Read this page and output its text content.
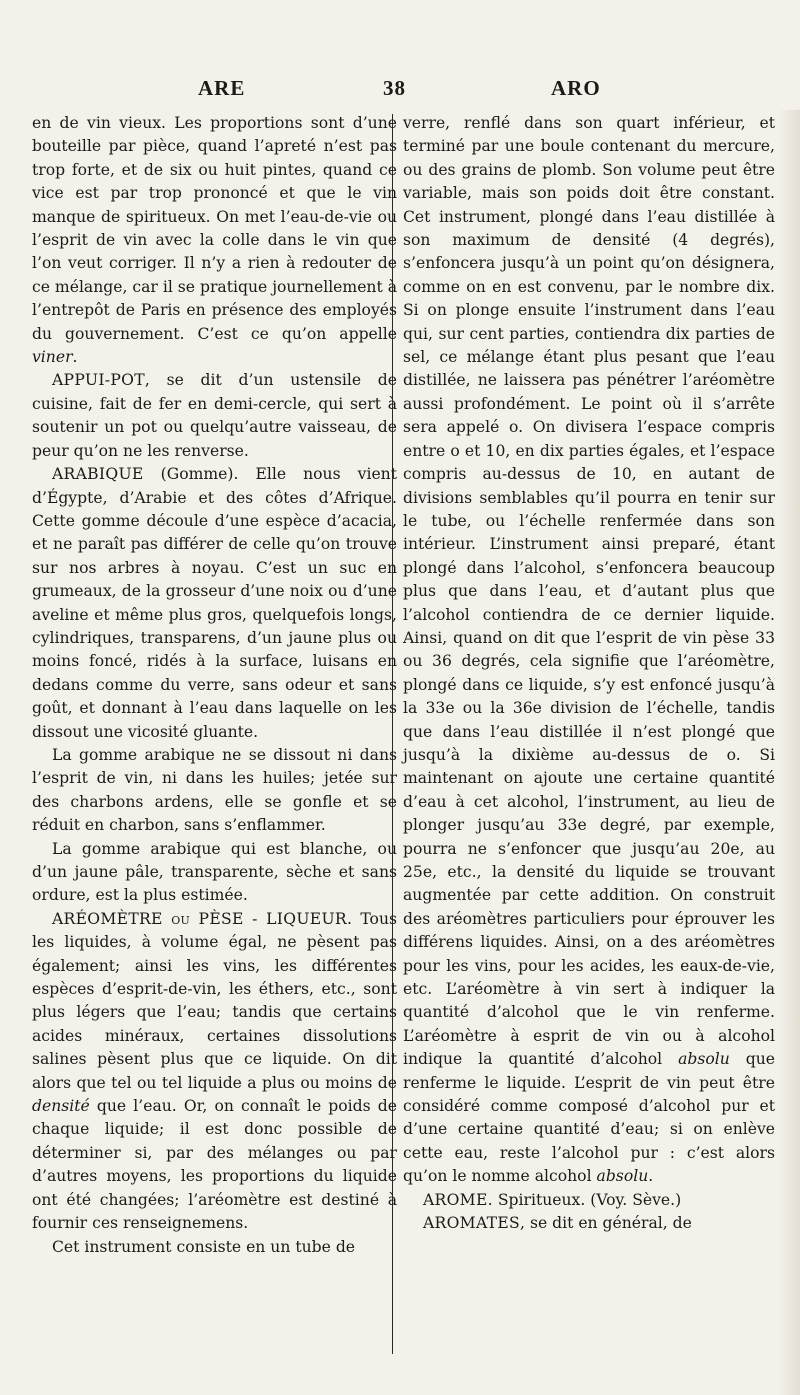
ARE	38	ARO

en de vin vieux. Les proportions sont d’une bouteille par pièce, quand l’apreté n’est pas trop forte, et de six ou huit pintes, quand ce vice est par trop prononcé et que le vin manque de spiritueux. On met l’eau-de-vie ou l’esprit de vin avec la colle dans le vin que l’on veut corriger. Il n’y a rien à redouter de ce mélange, car il se pratique journellement à l’entrepôt de Paris en présence des employés du gouvernement. C’est ce qu’on appelle viner.

APPUI-POT, se dit d’un ustensile de cuisine, fait de fer en demi-cercle, qui sert à soutenir un pot ou quelqu’autre vaisseau, de peur qu’on ne les renverse.

ARABIQUE (Gomme). Elle nous vient d’Égypte, d’Arabie et des côtes d’Afrique. Cette gomme découle d’une espèce d’acacia, et ne paraît pas différer de celle qu’on trouve sur nos arbres à noyau. C’est un suc en grumeaux, de la grosseur d’une noix ou d’une aveline et même plus gros, quelquefois longs, cylindriques, transparens, d’un jaune plus ou moins foncé, ridés à la surface, luisans en dedans comme du verre, sans odeur et sans goût, et donnant à l’eau dans laquelle on les dissout une vicosité gluante.

La gomme arabique ne se dissout ni dans l’esprit de vin, ni dans les huiles; jetée sur des charbons ardens, elle se gonfle et se réduit en charbon, sans s’enflammer.

La gomme arabique qui est blanche, ou d’un jaune pâle, transparente, sèche et sans ordure, est la plus estimée.

ARÉOMÈTRE ou PÈSE - LIQUEUR. Tous les liquides, à volume égal, ne pèsent pas également; ainsi les vins, les différentes espèces d’esprit-de-vin, les éthers, etc., sont plus légers que l’eau; tandis que certains acides minéraux, certaines dissolutions salines pèsent plus que ce liquide. On dit alors que tel ou tel liquide a plus ou moins de densité que l’eau. Or, on connaît le poids de chaque liquide; il est donc possible de déterminer si, par des mélanges ou par d’autres moyens, les proportions du liquide ont été changées; l’aréomètre est destiné à fournir ces renseignemens.

Cet instrument consiste en un tube de

verre, renflé dans son quart inférieur, et terminé par une boule contenant du mercure, ou des grains de plomb. Son volume peut être variable, mais son poids doit être constant. Cet instrument, plongé dans l’eau distillée à son maximum de densité (4 degrés), s’enfoncera jusqu’à un point qu’on désignera, comme on en est convenu, par le nombre dix. Si on plonge ensuite l’instrument dans l’eau qui, sur cent parties, contiendra dix parties de sel, ce mélange étant plus pesant que l’eau distillée, ne laissera pas pénétrer l’aréomètre aussi profondément. Le point où il s’arrête sera appelé o. On divisera l’espace compris entre o et 10, en dix parties égales, et l’espace compris au-dessus de 10, en autant de divisions semblables qu’il pourra en tenir sur le tube, ou l’échelle renfermée dans son intérieur. L’instrument ainsi preparé, étant plongé dans l’alcohol, s’enfoncera beaucoup plus que dans l’eau, et d’autant plus que l’alcohol contiendra de ce dernier liquide. Ainsi, quand on dit que l’esprit de vin pèse 33 ou 36 degrés, cela signifie que l’aréomètre, plongé dans ce liquide, s’y est enfoncé jusqu’à la 33e ou la 36e division de l’échelle, tandis que dans l’eau distillée il n’est plongé que jusqu’à la dixième au-dessus de o. Si maintenant on ajoute une certaine quantité d’eau à cet alcohol, l’instrument, au lieu de plonger jusqu’au 33e degré, par exemple, pourra ne s’enfoncer que jusqu’au 20e, au 25e, etc., la densité du liquide se trouvant augmentée par cette addition. On construit des aréomètres particuliers pour éprouver les différens liquides. Ainsi, on a des aréomètres pour les vins, pour les acides, les eaux-de-vie, etc. L’aréomètre à vin sert à indiquer la quantité d’alcohol que le vin renferme. L’aréomètre à esprit de vin ou à alcohol indique la quantité d’alcohol absolu que renferme le liquide. L’esprit de vin peut être considéré comme composé d’alcohol pur et d’une certaine quantité d’eau; si on enlève cette eau, reste l’alcohol pur : c’est alors qu’on le nomme alcohol absolu.

AROME. Spiritueux. (Voy. Sève.)

AROMATES, se dit en général, de
